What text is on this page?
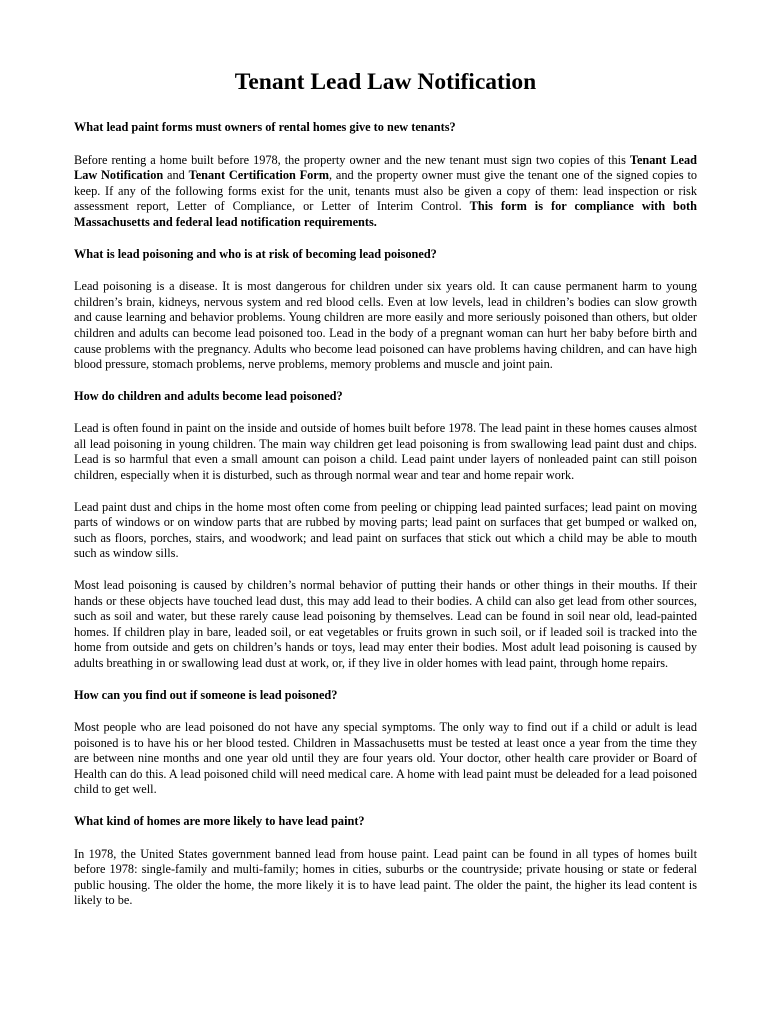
Tenant Lead Law Notification
What lead paint forms must owners of rental homes give to new tenants?

Before renting a home built before 1978, the property owner and the new tenant must sign two copies of this Tenant Lead Law Notification and Tenant Certification Form, and the property owner must give the tenant one of the signed copies to keep. If any of the following forms exist for the unit, tenants must also be given a copy of them: lead inspection or risk assessment report, Letter of Compliance, or Letter of Interim Control. This form is for compliance with both Massachusetts and federal lead notification requirements.

What is lead poisoning and who is at risk of becoming lead poisoned?

Lead poisoning is a disease. It is most dangerous for children under six years old. It can cause permanent harm to young children’s brain, kidneys, nervous system and red blood cells. Even at low levels, lead in children’s bodies can slow growth and cause learning and behavior problems. Young children are more easily and more seriously poisoned than others, but older children and adults can become lead poisoned too. Lead in the body of a pregnant woman can hurt her baby before birth and cause problems with the pregnancy. Adults who become lead poisoned can have problems having children, and can have high blood pressure, stomach problems, nerve problems, memory problems and muscle and joint pain.

How do children and adults become lead poisoned?

Lead is often found in paint on the inside and outside of homes built before 1978. The lead paint in these homes causes almost all lead poisoning in young children. The main way children get lead poisoning is from swallowing lead paint dust and chips. Lead is so harmful that even a small amount can poison a child. Lead paint under layers of nonleaded paint can still poison children, especially when it is disturbed, such as through normal wear and tear and home repair work.

Lead paint dust and chips in the home most often come from peeling or chipping lead painted surfaces; lead paint on moving parts of windows or on window parts that are rubbed by moving parts; lead paint on surfaces that get bumped or walked on, such as floors, porches, stairs, and woodwork; and lead paint on surfaces that stick out which a child may be able to mouth such as window sills.

Most lead poisoning is caused by children’s normal behavior of putting their hands or other things in their mouths. If their hands or these objects have touched lead dust, this may add lead to their bodies. A child can also get lead from other sources, such as soil and water, but these rarely cause lead poisoning by themselves. Lead can be found in soil near old, lead-painted homes. If children play in bare, leaded soil, or eat vegetables or fruits grown in such soil, or if leaded soil is tracked into the home from outside and gets on children’s hands or toys, lead may enter their bodies. Most adult lead poisoning is caused by adults breathing in or swallowing lead dust at work, or, if they live in older homes with lead paint, through home repairs.

How can you find out if someone is lead poisoned?

Most people who are lead poisoned do not have any special symptoms. The only way to find out if a child or adult is lead poisoned is to have his or her blood tested. Children in Massachusetts must be tested at least once a year from the time they are between nine months and one year old until they are four years old. Your doctor, other health care provider or Board of Health can do this. A lead poisoned child will need medical care. A home with lead paint must be deleaded for a lead poisoned child to get well.

What kind of homes are more likely to have lead paint?

In 1978, the United States government banned lead from house paint. Lead paint can be found in all types of homes built before 1978: single-family and multi-family; homes in cities, suburbs or the countryside; private housing or state or federal public housing. The older the home, the more likely it is to have lead paint. The older the paint, the higher its lead content is likely to be.
